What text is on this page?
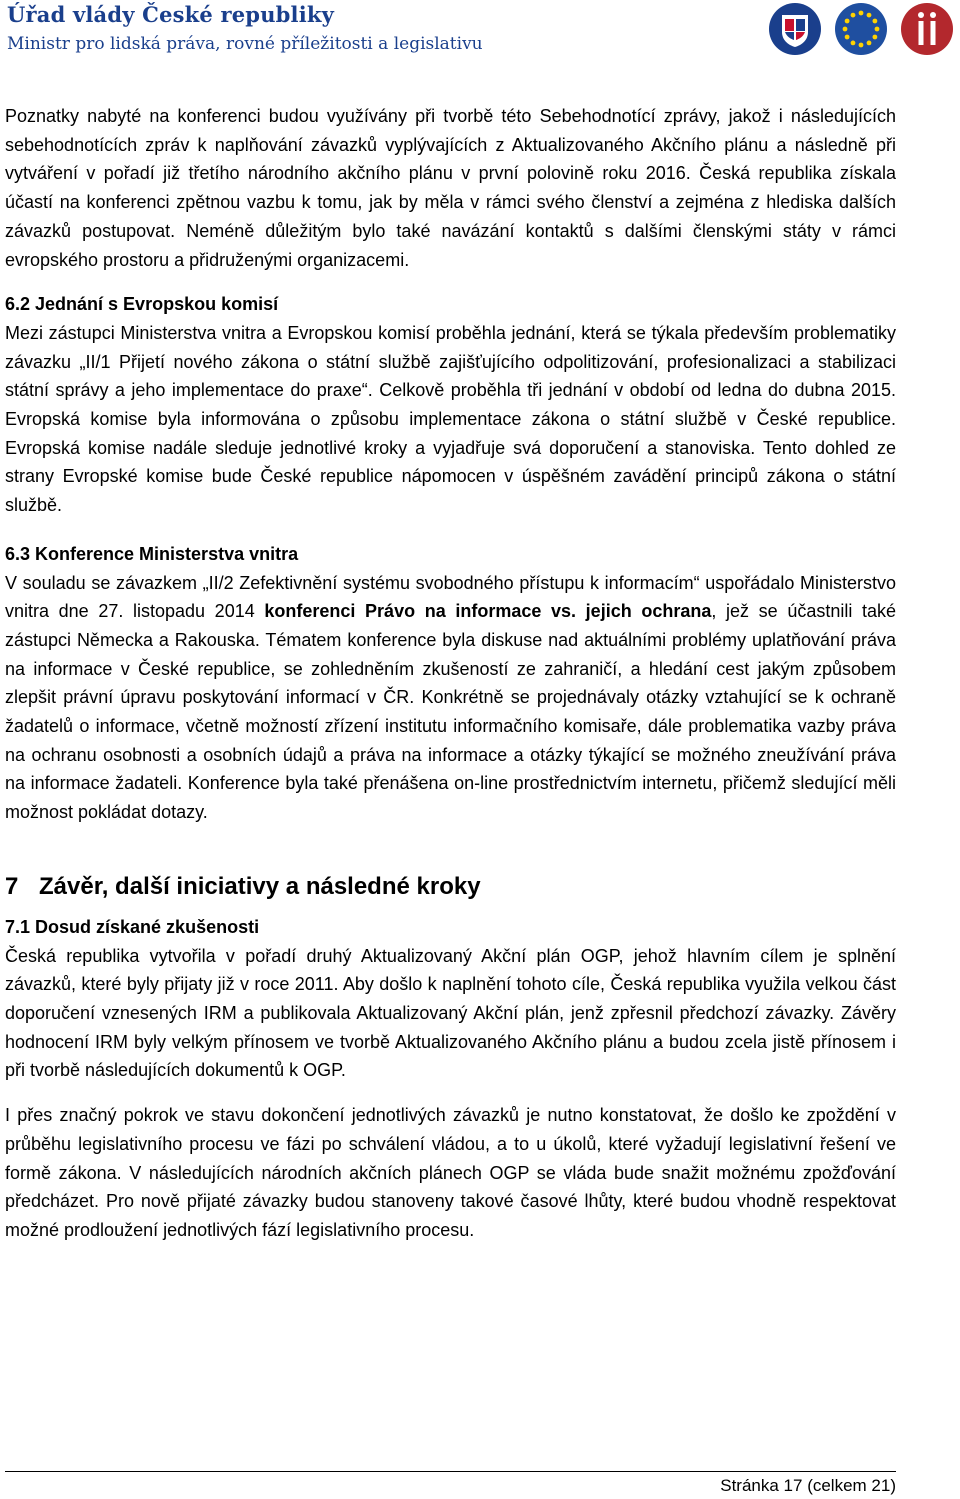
Úřad vlády České republiky
Ministr pro lidská práva, rovné příležitosti a legislativu

Poznatky nabyté na konferenci budou využívány při tvorbě této Sebehodnotící zprávy, jakož i následujících sebehodnotících zpráv k naplňování závazků vyplývajících z Aktualizovaného Akčního plánu a následně při vytváření v pořadí již třetího národního akčního plánu v první polovině roku 2016. Česká republika získala účastí na konferenci zpětnou vazbu k tomu, jak by měla v rámci svého členství a zejména z hlediska dalších závazků postupovat. Neméně důležitým bylo také navázání kontaktů s dalšími členskými státy v rámci evropského prostoru a přidruženými organizacemi.

6.2 Jednání s Evropskou komisí

Mezi zástupci Ministerstva vnitra a Evropskou komisí proběhla jednání, která se týkala především problematiky závazku „II/1 Přijetí nového zákona o státní službě zajišťujícího odpolitizování, profesionalizaci a stabilizaci státní správy a jeho implementace do praxe“. Celkově proběhla tři jednání v období od ledna do dubna 2015. Evropská komise byla informována o způsobu implementace zákona o státní službě v České republice. Evropská komise nadále sleduje jednotlivé kroky a vyjadřuje svá doporučení a stanoviska. Tento dohled ze strany Evropské komise bude České republice nápomocen v úspěšném zavádění principů zákona o státní službě.

6.3 Konference Ministerstva vnitra

V souladu se závazkem „II/2 Zefektivnění systému svobodného přístupu k informacím“ uspořádalo Ministerstvo vnitra dne 27. listopadu 2014 konferenci Právo na informace vs. jejich ochrana, jež se účastnili také zástupci Německa a Rakouska. Tématem konference byla diskuse nad aktuálními problémy uplatňování práva na informace v České republice, se zohledněním zkušeností ze zahraničí, a hledání cest jakým způsobem zlepšit právní úpravu poskytování informací v ČR. Konkrétně se projednávaly otázky vztahující se k ochraně žadatelů o informace, včetně možností zřízení institutu informačního komisaře, dále problematika vazby práva na ochranu osobnosti a osobních údajů a práva na informace a otázky týkající se možného zneužívání práva na informace žadateli. Konference byla také přenášena on-line prostřednictvím internetu, přičemž sledující měli možnost pokládat dotazy.

7 Závěr, další iniciativy a následné kroky
7.1 Dosud získané zkušenosti

Česká republika vytvořila v pořadí druhý Aktualizovaný Akční plán OGP, jehož hlavním cílem je splnění závazků, které byly přijaty již v roce 2011. Aby došlo k naplnění tohoto cíle, Česká republika využila velkou část doporučení vznesených IRM a publikovala Aktualizovaný Akční plán, jenž zpřesnil předchozí závazky. Závěry hodnocení IRM byly velkým přínosem ve tvorbě Aktualizovaného Akčního plánu a budou zcela jistě přínosem i při tvorbě následujících dokumentů k OGP.

I přes značný pokrok ve stavu dokončení jednotlivých závazků je nutno konstatovat, že došlo ke zpoždění v průběhu legislativního procesu ve fázi po schválení vládou, a to u úkolů, které vyžadují legislativní řešení ve formě zákona. V následujících národních akčních plánech OGP se vláda bude snažit možnému zpožďování předcházet. Pro nově přijaté závazky budou stanoveny takové časové lhůty, které budou vhodně respektovat možné prodloužení jednotlivých fází legislativního procesu.

Stránka 17 (celkem 21)
